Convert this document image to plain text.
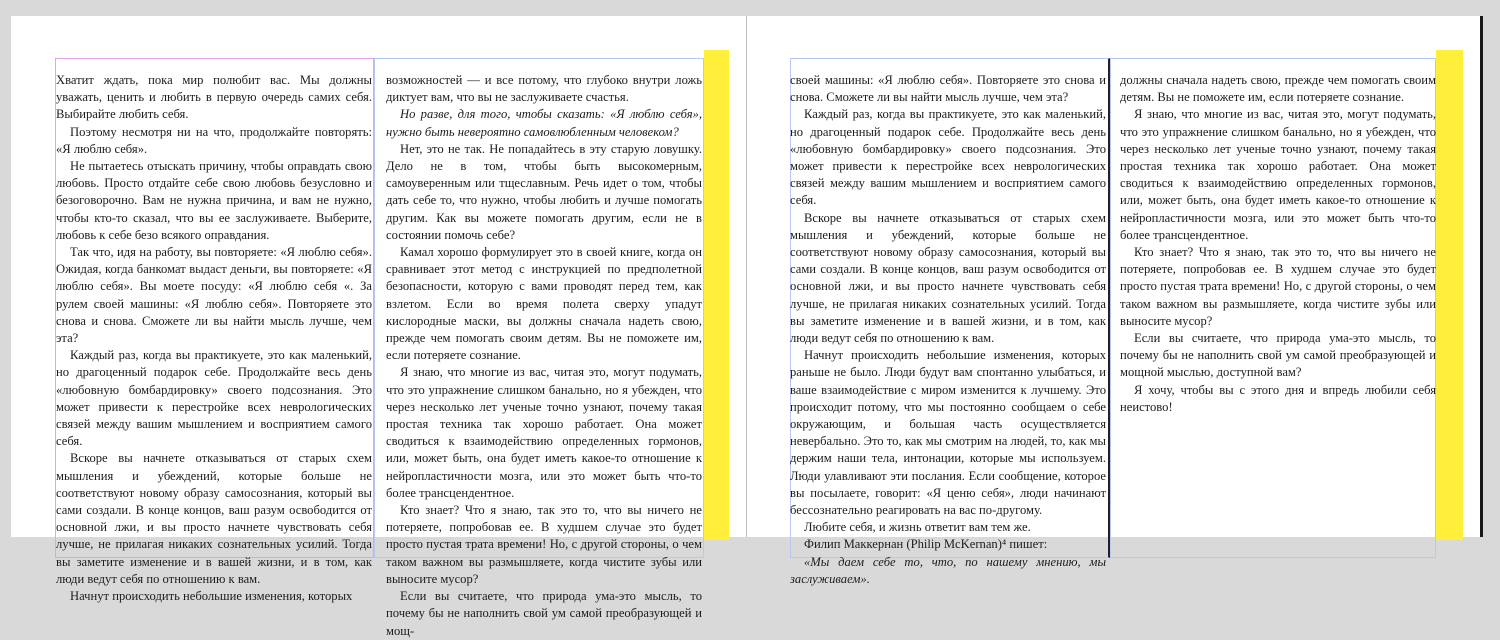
Хватит ждать, пока мир полюбит вас. Мы должны уважать, ценить и любить в первую очередь самих себя. Выбирайте любить себя.

Поэтому несмотря ни на что, продолжайте повторять: «Я люблю себя».

Не пытаетесь отыскать причину, чтобы оправдать свою любовь. Просто отдайте себе свою любовь безусловно и безоговорочно. Вам не нужна причина, и вам не нужно, чтобы кто-то сказал, что вы ее заслуживаете. Выберите, любовь к себе безо всякого оправдания.

Так что, идя на работу, вы повторяете: «Я люблю себя». Ожидая, когда банкомат выдаст деньги, вы повторяете: «Я люблю себя». Вы моете посуду: «Я люблю себя «. За рулем своей машины: «Я люблю себя». Повторяете это снова и снова. Сможете ли вы найти мысль лучше, чем эта?

Каждый раз, когда вы практикуете, это как маленький, но драгоценный подарок себе. Продолжайте весь день «любовную бомбардировку» своего подсознания. Это может привести к перестройке всех неврологических связей между вашим мышлением и восприятием самого себя.

Вскоре вы начнете отказываться от старых схем мышления и убеждений, которые больше не соответствуют новому образу самосознания, который вы сами создали. В конце концов, ваш разум освободится от основной лжи, и вы просто начнете чувствовать себя лучше, не прилагая никаких сознательных усилий. Тогда вы заметите изменение и в вашей жизни, и в том, как люди ведут себя по отношению к вам.

Начнут происходить небольшие изменения, которых

возможностей — и все потому, что глубоко внутри ложь диктует вам, что вы не заслуживаете счастья.

Но разве, для того, чтобы сказать: «Я люблю себя», нужно быть невероятно самовлюбленным человеком?

Нет, это не так. Не попадайтесь в эту старую ловушку. Дело не в том, чтобы быть высокомерным, самоуверенным или тщеславным. Речь идет о том, чтобы дать себе то, что нужно, чтобы любить и лучше помогать другим. Как вы можете помогать другим, если не в состоянии помочь себе?

Камал хорошо формулирует это в своей книге, когда он сравнивает этот метод с инструкцией по предполетной безопасности, которую с вами проводят перед тем, как взлетом. Если во время полета сверху упадут кислородные маски, вы должны сначала надеть свою, прежде чем помогать своим детям. Вы не поможете им, если потеряете сознание.

Я знаю, что многие из вас, читая это, могут подумать, что это упражнение слишком банально, но я убежден, что через несколько лет ученые точно узнают, почему такая простая техника так хорошо работает. Она может сводиться к взаимодействию определенных гормонов, или, может быть, она будет иметь какое-то отношение к нейропластичности мозга, или это может быть что-то более трансцендентное.

Кто знает? Что я знаю, так это то, что вы ничего не потеряете, попробовав ее. В худшем случае это будет просто пустая трата времени! Но, с другой стороны, о чем таком важном вы размышляете, когда чистите зубы или выносите мусор?

Если вы считаете, что природа ума-это мысль, то почему бы не наполнить свой ум самой преобразующей и мощ-

своей машины: «Я люблю себя». Повторяете это снова и снова. Сможете ли вы найти мысль лучше, чем эта?

Каждый раз, когда вы практикуете, это как маленький, но драгоценный подарок себе. Продолжайте весь день «любовную бомбардировку» своего подсознания. Это может привести к перестройке всех неврологических связей между вашим мышлением и восприятием самого себя.

Вскоре вы начнете отказываться от старых схем мышления и убеждений, которые больше не соответствуют новому образу самосознания, который вы сами создали. В конце концов, ваш разум освободится от основной лжи, и вы просто начнете чувствовать себя лучше, не прилагая никаких сознательных усилий. Тогда вы заметите изменение и в вашей жизни, и в том, как люди ведут себя по отношению к вам.

Начнут происходить небольшие изменения, которых раньше не было. Люди будут вам спонтанно улыбаться, и ваше взаимодействие с миром изменится к лучшему. Это происходит потому, что мы постоянно сообщаем о себе окружающим, и большая часть осуществляется невербально. Это то, как мы смотрим на людей, то, как мы держим наши тела, интонации, которые мы используем. Люди улавливают эти послания. Если сообщение, которое вы посылаете, говорит: «Я ценю себя», люди начинают бессознательно реагировать на вас по-другому.

Любите себя, и жизнь ответит вам тем же.

Филип Маккернан (Philip McKernan)⁴ пишет:

«Мы даем себе то, что, по нашему мнению, мы заслуживаем».

должны сначала надеть свою, прежде чем помогать своим детям. Вы не поможете им, если потеряете сознание.

Я знаю, что многие из вас, читая это, могут подумать, что это упражнение слишком банально, но я убежден, что через несколько лет ученые точно узнают, почему такая простая техника так хорошо работает. Она может сводиться к взаимодействию определенных гормонов, или, может быть, она будет иметь какое-то отношение к нейропластичности мозга, или это может быть что-то более трансцендентное.

Кто знает? Что я знаю, так это то, что вы ничего не потеряете, попробовав ее. В худшем случае это будет просто пустая трата времени! Но, с другой стороны, о чем таком важном вы размышляете, когда чистите зубы или выносите мусор?

Если вы считаете, что природа ума-это мысль, то почему бы не наполнить свой ум самой преобразующей и мощной мыслью, доступной вам?

Я хочу, чтобы вы с этого дня и впредь любили себя неистово!
